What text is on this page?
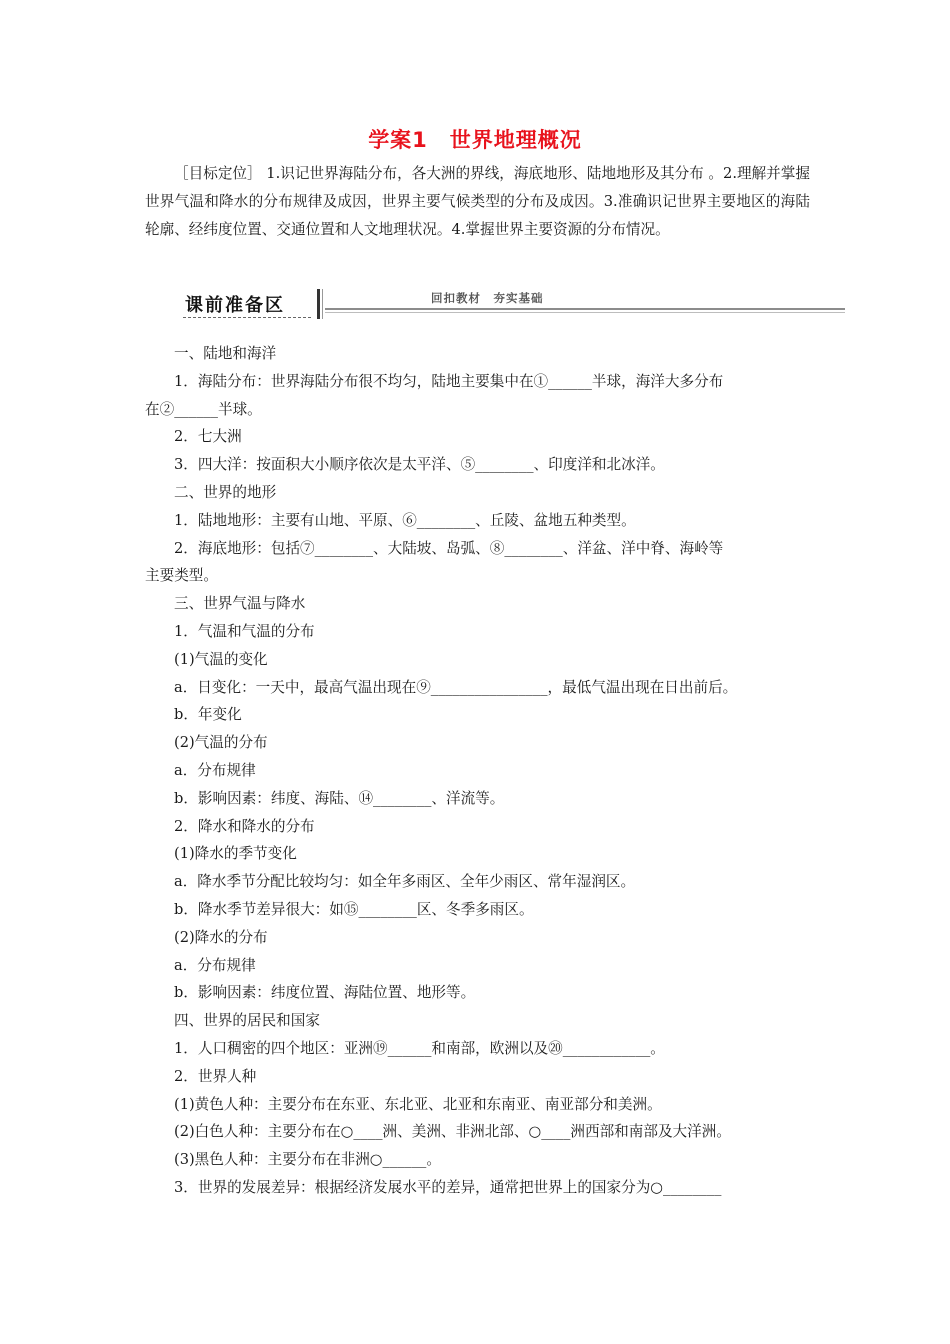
学案1　世界地理概况

［目标定位］ 1.识记世界海陆分布，各大洲的界线，海底地形、陆地地形及其分布 。2.理解并掌握世界气温和降水的分布规律及成因，世界主要气候类型的分布及成因。3.准确识记世界主要地区的海陆轮廓、经纬度位置、交通位置和人文地理状况。4.掌握世界主要资源的分布情况。

课前准备区	回扣教材　夯实基础
一、陆地和海洋
1．海陆分布：世界海陆分布很不均匀，陆地主要集中在①______半球，海洋大多分布
在②______半球。
2．七大洲
3．四大洋：按面积大小顺序依次是太平洋、⑤________、印度洋和北冰洋。
二、世界的地形
1．陆地地形：主要有山地、平原、⑥________、丘陵、盆地五种类型。
2．海底地形：包括⑦________、大陆坡、岛弧、⑧________、洋盆、洋中脊、海岭等
主要类型。
三、世界气温与降水
1．气温和气温的分布
(1)气温的变化
a．日变化：一天中，最高气温出现在⑨________________，最低气温出现在日出前后。
b．年变化
(2)气温的分布
a．分布规律
b．影响因素：纬度、海陆、⑭________、洋流等。
2．降水和降水的分布
(1)降水的季节变化
a．降水季节分配比较均匀：如全年多雨区、全年少雨区、常年湿润区。
b．降水季节差异很大：如⑮________区、冬季多雨区。
(2)降水的分布
a．分布规律
b．影响因素：纬度位置、海陆位置、地形等。
四、世界的居民和国家
1．人口稠密的四个地区：亚洲⑲______和南部，欧洲以及⑳____________。
2．世界人种
(1)黄色人种：主要分布在东亚、东北亚、北亚和东南亚、南亚部分和美洲。
(2)白色人种：主要分布在○____洲、美洲、非洲北部、○____洲西部和南部及大洋洲。
(3)黑色人种：主要分布在非洲○______。
3．世界的发展差异：根据经济发展水平的差异，通常把世界上的国家分为○________
